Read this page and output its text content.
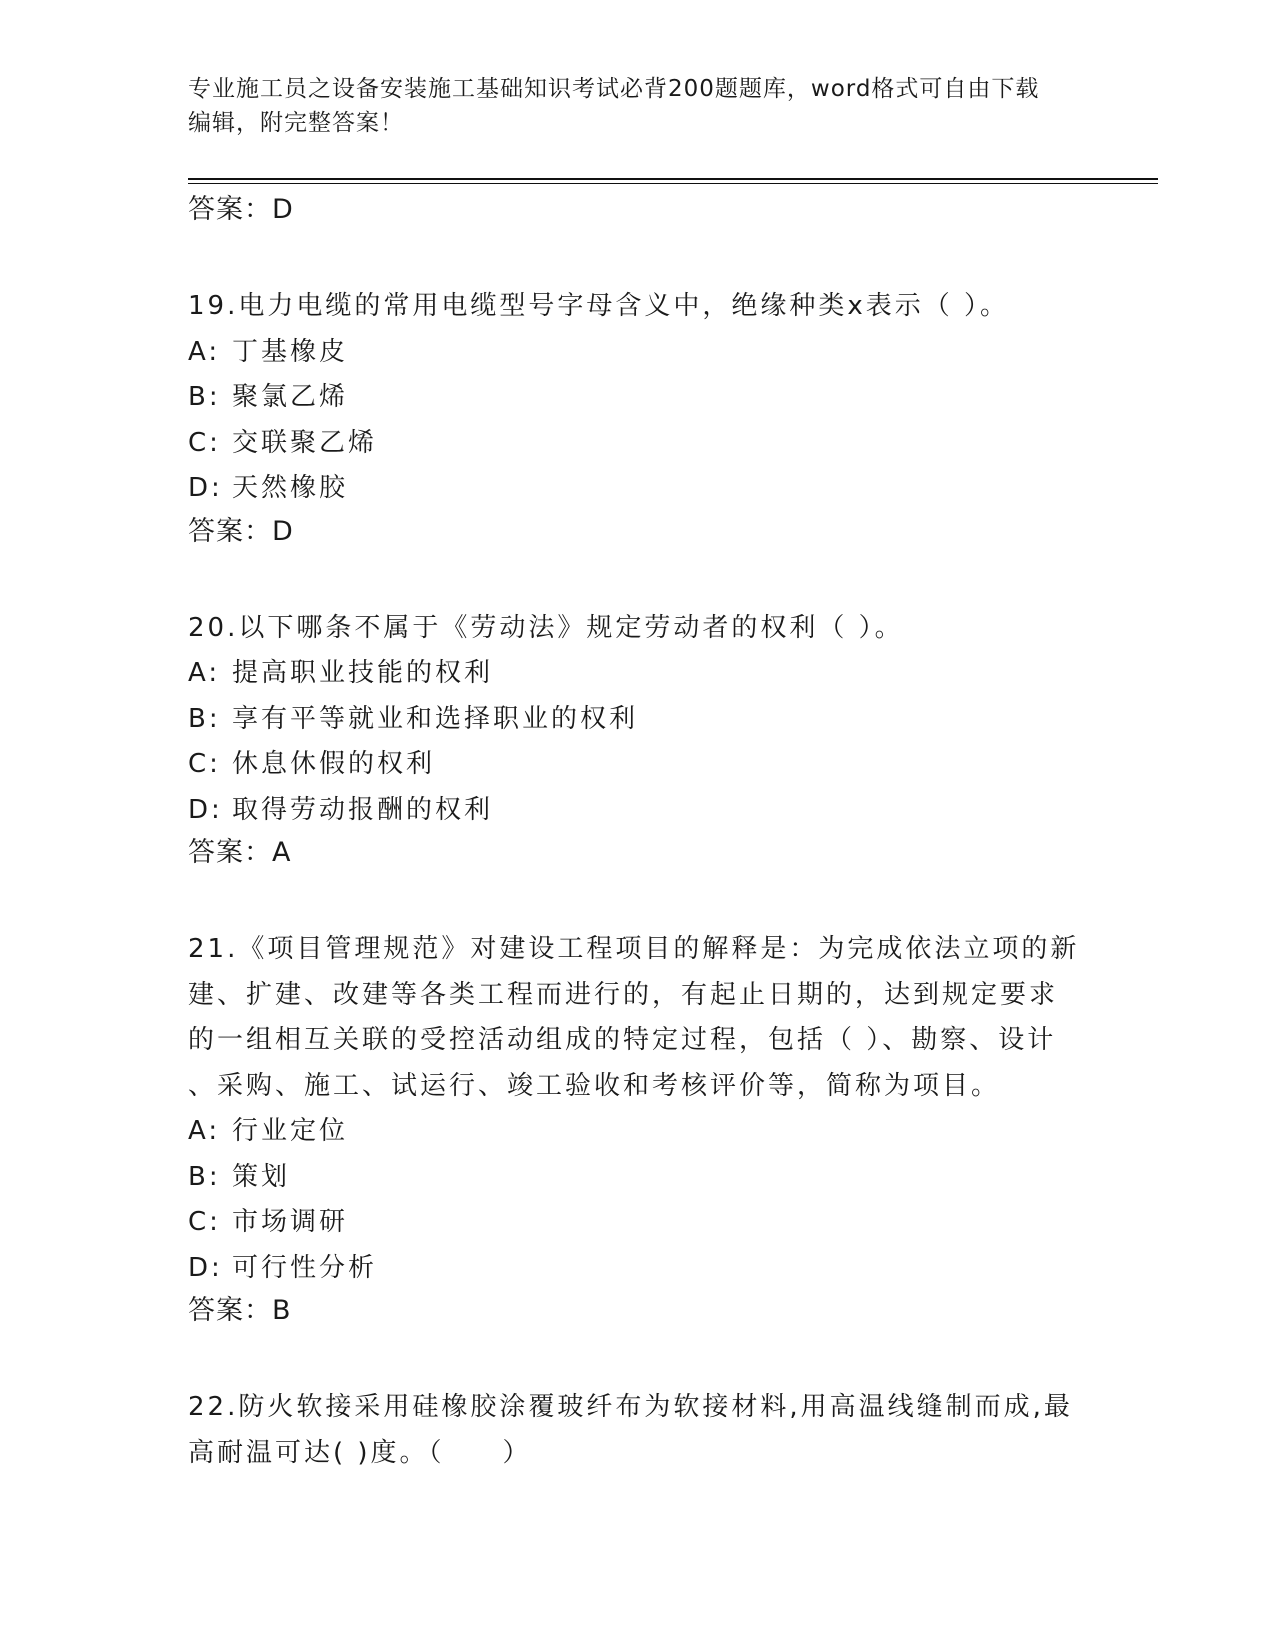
专业施工员之设备安装施工基础知识考试必背200题题库，word格式可自由下载
编辑，附完整答案！
答案：D
19.电力电缆的常用电缆型号字母含义中，绝缘种类x表示（ ）。
A: 丁基橡皮
B: 聚氯乙烯
C: 交联聚乙烯
D: 天然橡胶
答案：D
20.以下哪条不属于《劳动法》规定劳动者的权利（ ）。
A: 提高职业技能的权利
B: 享有平等就业和选择职业的权利
C: 休息休假的权利
D: 取得劳动报酬的权利
答案：A
21.《项目管理规范》对建设工程项目的解释是：为完成依法立项的新
建、扩建、改建等各类工程而进行的，有起止日期的，达到规定要求
的一组相互关联的受控活动组成的特定过程，包括（ ）、勘察、设计
、采购、施工、试运行、竣工验收和考核评价等，简称为项目。
A: 行业定位
B: 策划
C: 市场调研
D: 可行性分析
答案：B
22.防火软接采用硅橡胶涂覆玻纤布为软接材料,用高温线缝制而成,最
高耐温可达( )度。（　　）
